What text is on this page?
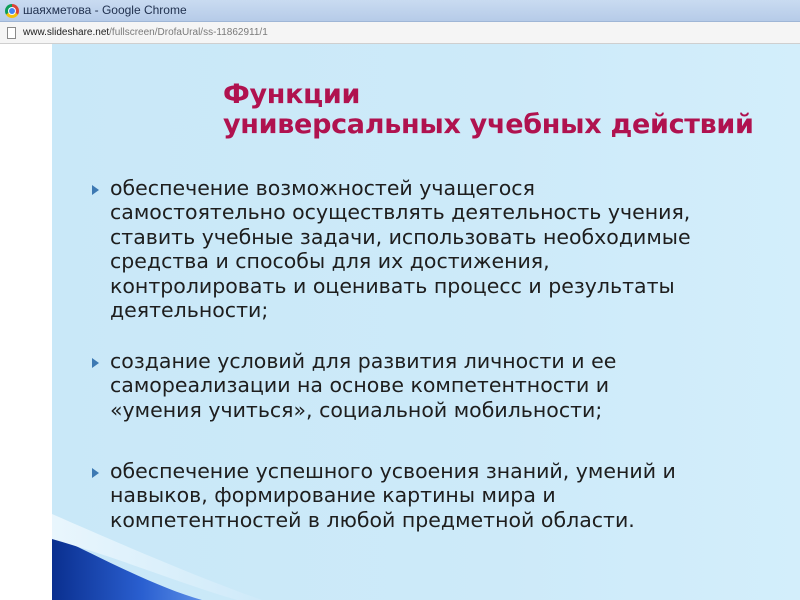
шаяхметова - Google Chrome
www.slideshare.net/fullscreen/DrofaUral/ss-11862911/1
Функции
универсальных учебных действий
обеспечение возможностей учащегося
самостоятельно осуществлять деятельность учения,
ставить учебные задачи, использовать необходимые
средства и способы для их достижения,
контролировать и оценивать процесс и результаты
деятельности;
создание условий для развития личности и ее
самореализации на основе компетентности и
«умения учиться», социальной мобильности;
обеспечение успешного усвоения знаний, умений и
навыков, формирование картины мира и
компетентностей в любой предметной области.
